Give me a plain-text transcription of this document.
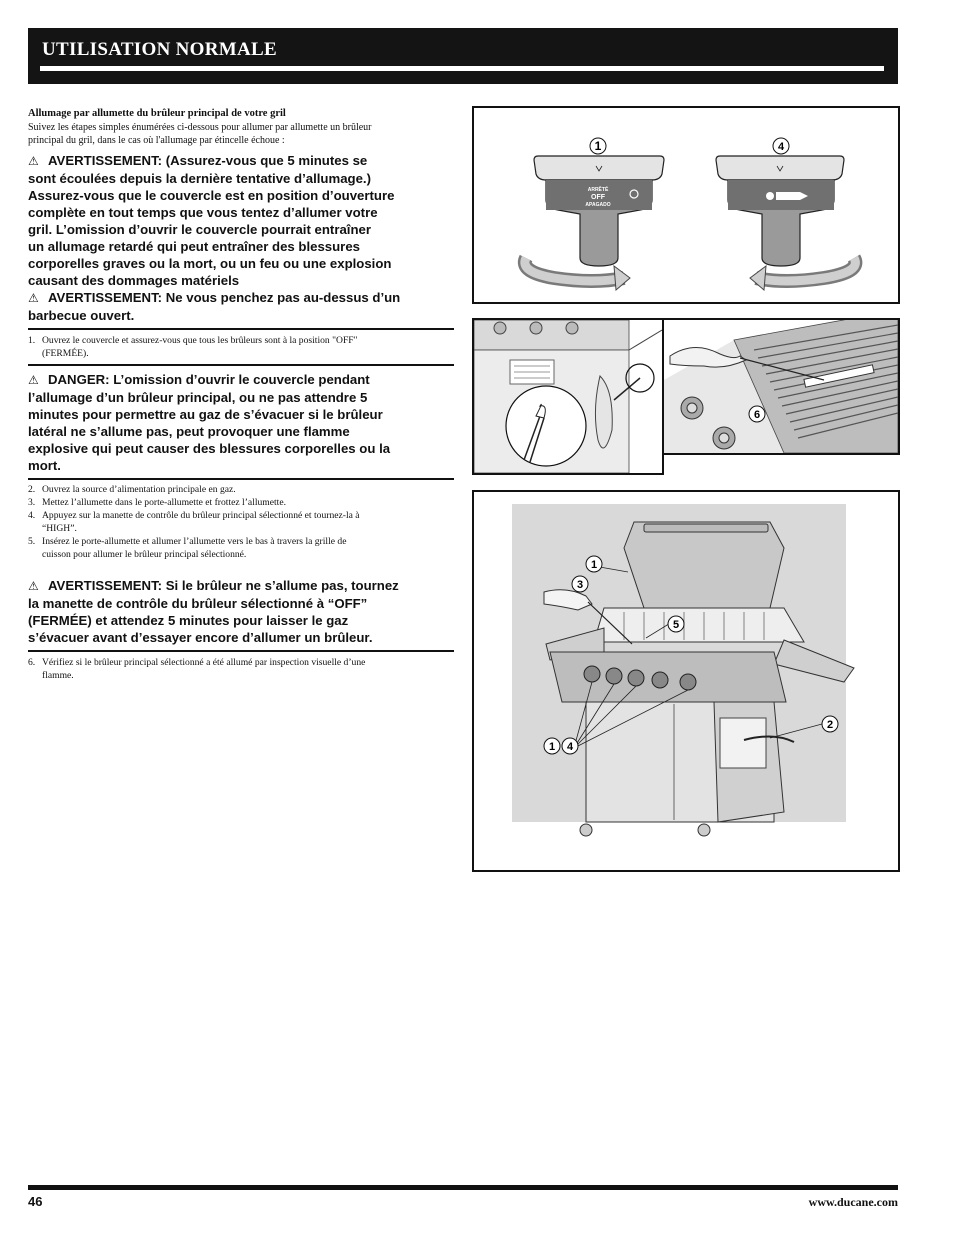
UTILISATION NORMALE
Allumage par allumette du brûleur principal de votre gril
Suivez les étapes simples énumérées ci-dessous pour allumer par allumette un brûleur
principal du gril, dans le cas où l'allumage par étincelle échoue :
⚠ AVERTISSEMENT: (Assurez-vous que 5 minutes se
sont écoulées depuis la dernière tentative d’allumage.)
Assurez-vous que le couvercle est en position d’ouverture
complète en tout temps que vous tentez d’allumer votre
gril. L’omission d’ouvrir le couvercle pourrait entraîner
un allumage retardé qui peut entraîner des blessures
corporelles graves ou la mort, ou un feu ou une explosion
causant des dommages matériels
⚠ AVERTISSEMENT: Ne vous penchez pas au-dessus d’un
barbecue ouvert.
1. Ouvrez le couvercle et assurez-vous que tous les brûleurs sont à la position "OFF"
(FERMÉE).
⚠ DANGER: L’omission d’ouvrir le couvercle pendant
l’allumage d’un brûleur principal, ou ne pas attendre 5
minutes pour permettre au gaz de s’évacuer si le brûleur
latéral ne s’allume pas, peut provoquer une flamme
explosive qui peut causer des blessures corporelles ou la
mort.
2. Ouvrez la source d’alimentation principale en gaz.
3. Mettez l’allumette dans le porte-allumette et frottez l’allumette.
4. Appuyez sur la manette de contrôle du brûleur principal sélectionné et tournez-la à
“HIGH”.
5. Insérez le porte-allumette et allumer l’allumette vers le bas à travers la grille de
cuisson pour allumer le brûleur principal sélectionné.
⚠ AVERTISSEMENT: Si le brûleur ne s’allume pas, tournez
la manette de contrôle du brûleur sélectionné à “OFF”
(FERMÉE) et attendez 5 minutes pour laisser le gaz
s’évacuer avant d’essayer encore d’allumer un brûleur.
6. Vérifiez si le brûleur principal sélectionné a été allumé par inspection visuelle d’une
flamme.
ARRÊTÉ
OFF
APAGADO
1	4
6
1
3
5
2
1 4
46	www.ducane.com
